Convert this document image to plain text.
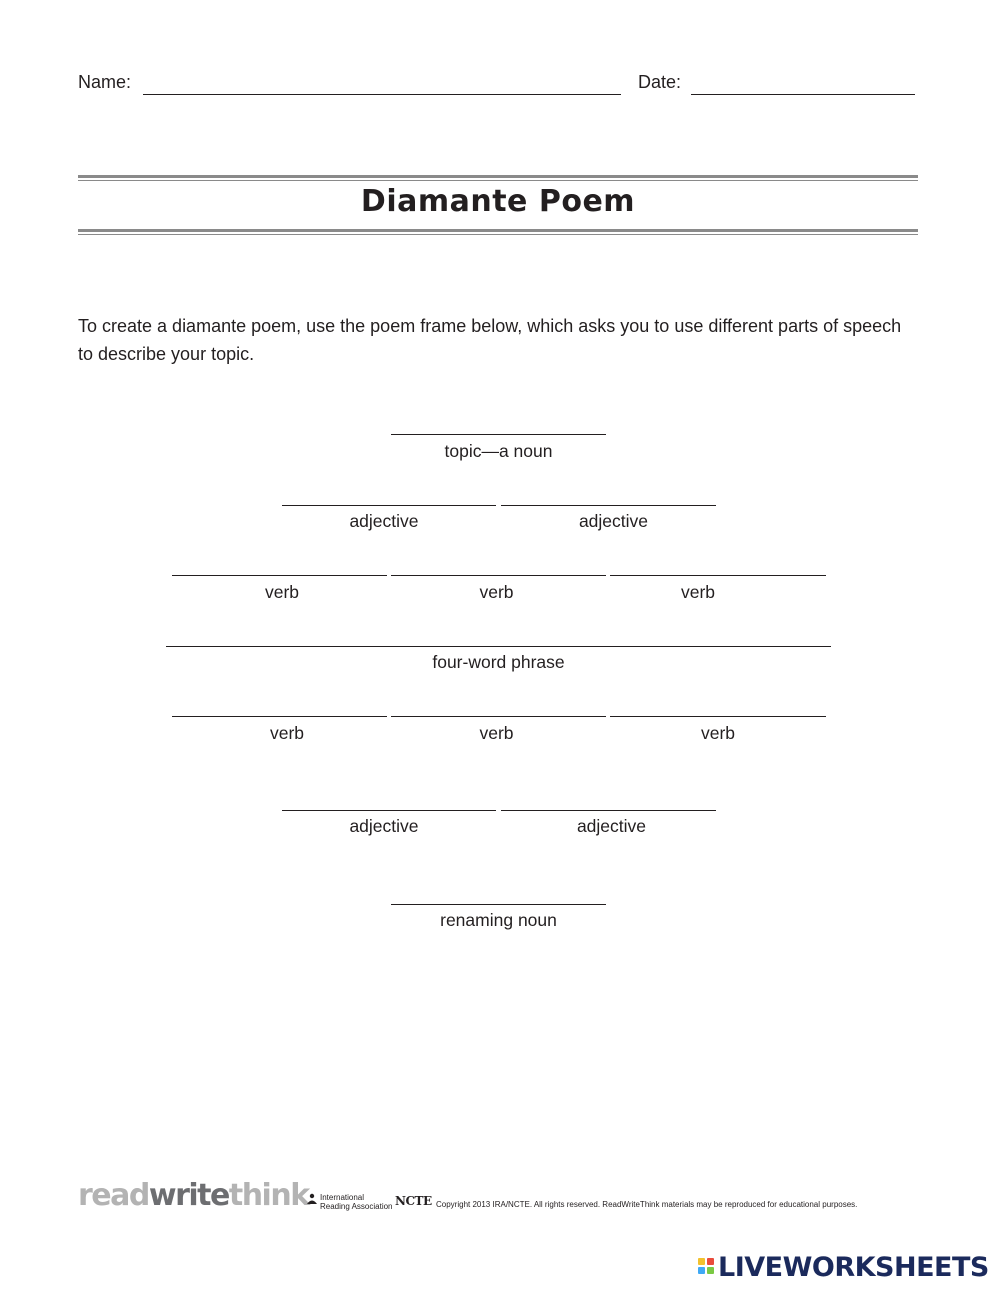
Name:	Date:
Diamante Poem
To create a diamante poem, use the poem frame below, which asks you to use different parts of speech to describe your topic.
topic—a noun
adjective	adjective
verb	verb	verb
four-word phrase
verb	verb	verb
adjective	adjective
renaming noun
readwritethink International
Reading Association NCTE Copyright 2013 IRA/NCTE. All rights reserved. ReadWriteThink materials may be reproduced for educational purposes.
LIVEWORKSHEETS
